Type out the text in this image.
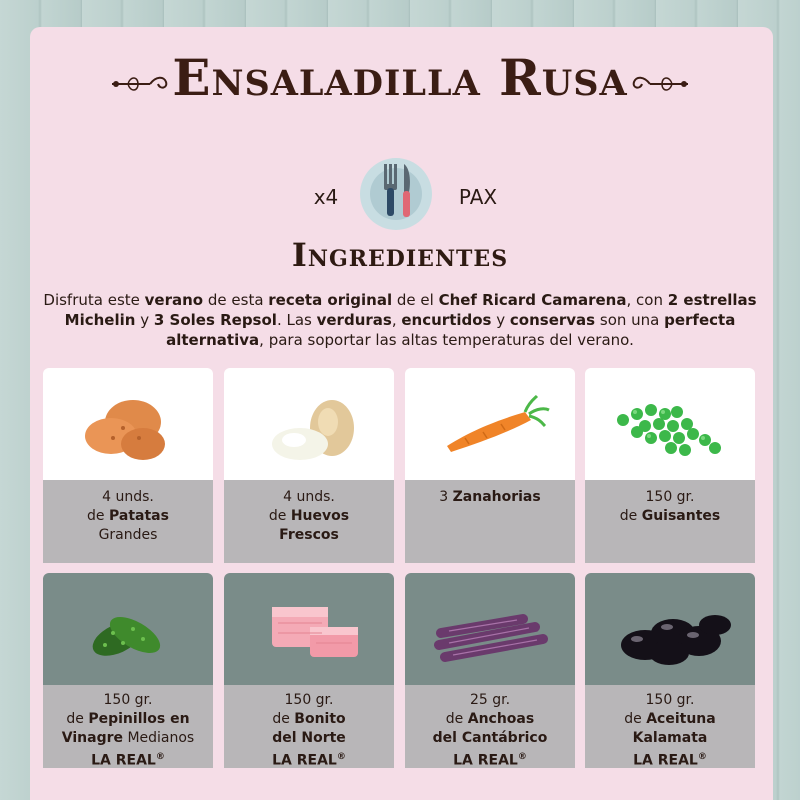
Ensaladilla Rusa
x4	PAX
Ingredientes
Disfruta este verano de esta receta original de el Chef Ricard Camarena, con 2 estrellas Michelin y 3 Soles Repsol. Las verduras, encurtidos y conservas son una perfecta alternativa, para soportar las altas temperaturas del verano.
4 unds.
de Patatas
Grandes
4 unds.
de Huevos
Frescos
3 Zanahorias	150 gr.
de Guisantes
150 gr.
de Pepinillos en
Vinagre Medianos
LA REAL®
150 gr.
de Bonito
del Norte
LA REAL®
25 gr.
de Anchoas
del Cantábrico
LA REAL®
150 gr.
de Aceituna
Kalamata
LA REAL®
